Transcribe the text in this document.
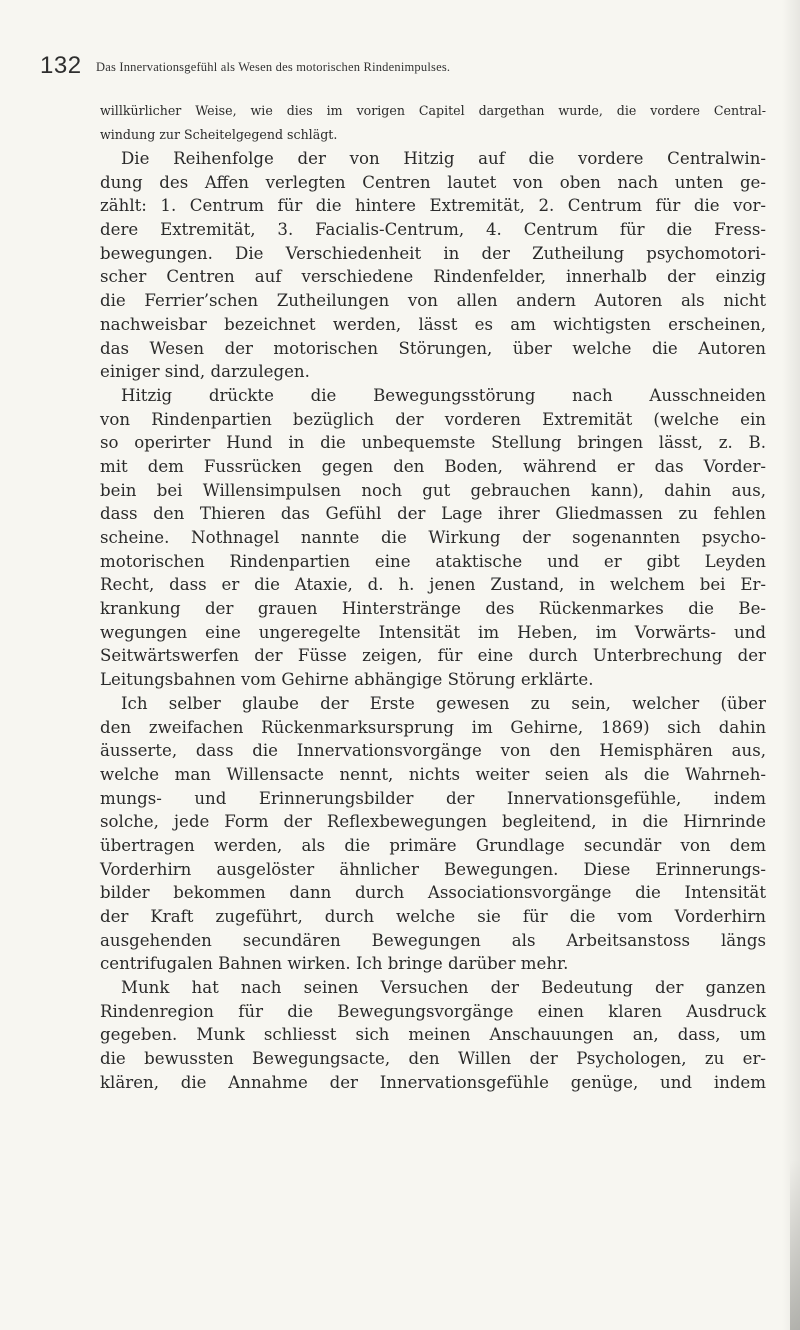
132 Das Innervationsgefühl als Wesen des motorischen Rindenimpulses.
willkürlicher Weise, wie dies im vorigen Capitel dargethan wurde, die vordere Central-
windung zur Scheitelgegend schlägt.
Die Reihenfolge der von Hitzig auf die vordere Centralwin-
dung des Affen verlegten Centren lautet von oben nach unten ge-
zählt: 1. Centrum für die hintere Extremität, 2. Centrum für die vor-
dere Extremität, 3. Facialis-Centrum, 4. Centrum für die Fress-
bewegungen. Die Verschiedenheit in der Zutheilung psychomotori-
scher Centren auf verschiedene Rindenfelder, innerhalb der einzig
die Ferrier’schen Zutheilungen von allen andern Autoren als nicht
nachweisbar bezeichnet werden, lässt es am wichtigsten erscheinen,
das Wesen der motorischen Störungen, über welche die Autoren
einiger sind, darzulegen.
Hitzig drückte die Bewegungsstörung nach Ausschneiden
von Rindenpartien bezüglich der vorderen Extremität (welche ein
so operirter Hund in die unbequemste Stellung bringen lässt, z. B.
mit dem Fussrücken gegen den Boden, während er das Vorder-
bein bei Willensimpulsen noch gut gebrauchen kann), dahin aus,
dass den Thieren das Gefühl der Lage ihrer Gliedmassen zu fehlen
scheine. Nothnagel nannte die Wirkung der sogenannten psycho-
motorischen Rindenpartien eine ataktische und er gibt Leyden
Recht, dass er die Ataxie, d. h. jenen Zustand, in welchem bei Er-
krankung der grauen Hinterstränge des Rückenmarkes die Be-
wegungen eine ungeregelte Intensität im Heben, im Vorwärts- und
Seitwärtswerfen der Füsse zeigen, für eine durch Unterbrechung der
Leitungsbahnen vom Gehirne abhängige Störung erklärte.
Ich selber glaube der Erste gewesen zu sein, welcher (über
den zweifachen Rückenmarksursprung im Gehirne, 1869) sich dahin
äusserte, dass die Innervationsvorgänge von den Hemisphären aus,
welche man Willensacte nennt, nichts weiter seien als die Wahrneh-
mungs- und Erinnerungsbilder der Innervationsgefühle, indem
solche, jede Form der Reflexbewegungen begleitend, in die Hirnrinde
übertragen werden, als die primäre Grundlage secundär von dem
Vorderhirn ausgelöster ähnlicher Bewegungen. Diese Erinnerungs-
bilder bekommen dann durch Associationsvorgänge die Intensität
der Kraft zugeführt, durch welche sie für die vom Vorderhirn
ausgehenden secundären Bewegungen als Arbeitsanstoss längs
centrifugalen Bahnen wirken. Ich bringe darüber mehr.
Munk hat nach seinen Versuchen der Bedeutung der ganzen
Rindenregion für die Bewegungsvorgänge einen klaren Ausdruck
gegeben. Munk schliesst sich meinen Anschauungen an, dass, um
die bewussten Bewegungsacte, den Willen der Psychologen, zu er-
klären, die Annahme der Innervationsgefühle genüge, und indem
